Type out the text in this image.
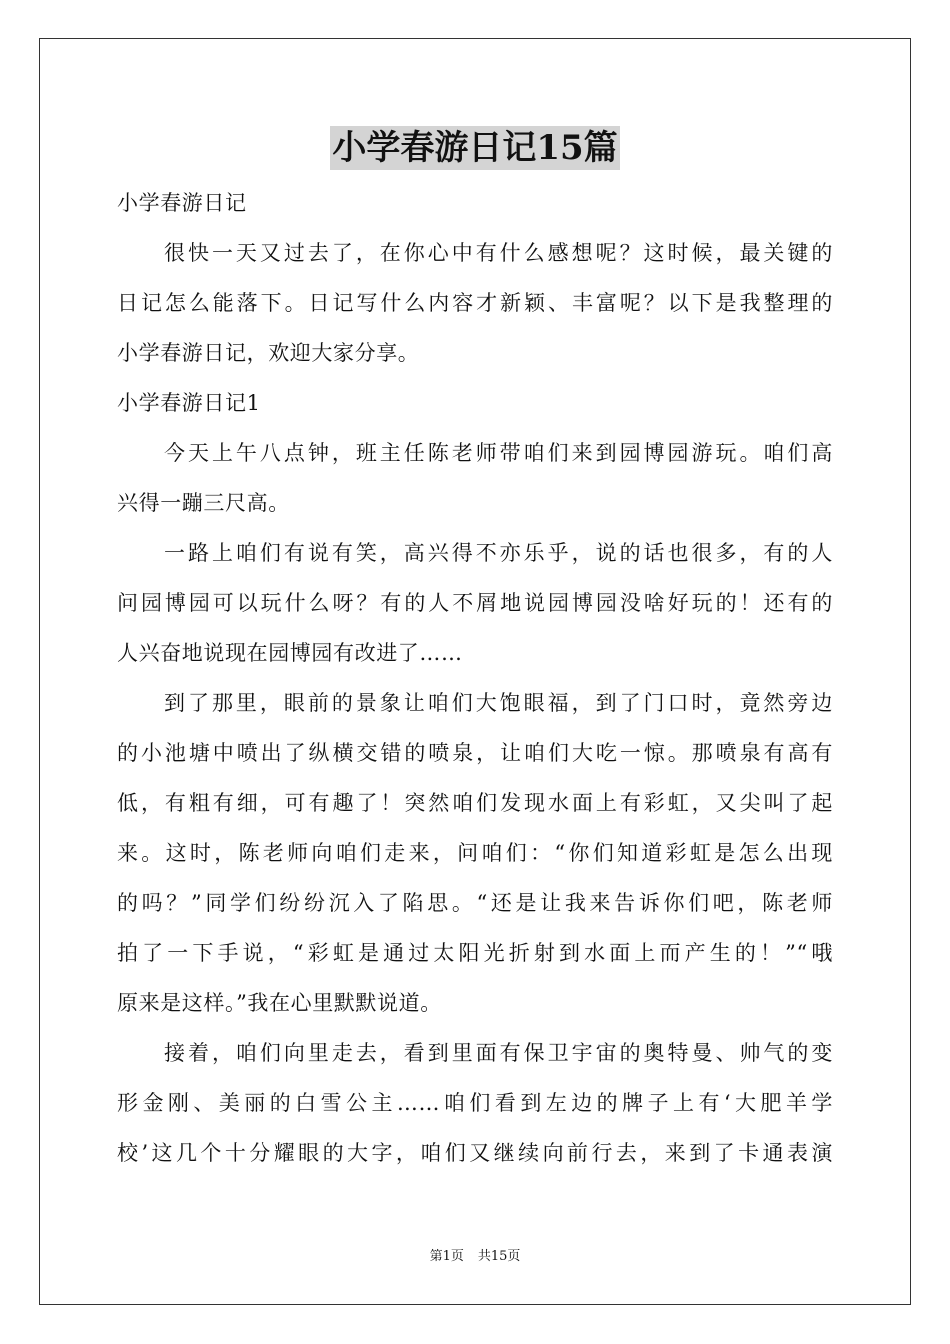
小学春游日记15篇
小学春游日记
很快一天又过去了，在你心中有什么感想呢？这时候，最关键的
日记怎么能落下。日记写什么内容才新颖、丰富呢？以下是我整理的
小学春游日记，欢迎大家分享。
小学春游日记1
今天上午八点钟，班主任陈老师带咱们来到园博园游玩。咱们高
兴得一蹦三尺高。
一路上咱们有说有笑，高兴得不亦乐乎，说的话也很多，有的人
问园博园可以玩什么呀？有的人不屑地说园博园没啥好玩的！还有的
人兴奋地说现在园博园有改进了……
到了那里，眼前的景象让咱们大饱眼福，到了门口时，竟然旁边
的小池塘中喷出了纵横交错的喷泉，让咱们大吃一惊。那喷泉有高有
低，有粗有细，可有趣了！突然咱们发现水面上有彩虹，又尖叫了起
来。这时，陈老师向咱们走来，问咱们：“你们知道彩虹是怎么出现
的吗？”同学们纷纷沉入了陷思。“还是让我来告诉你们吧，陈老师
拍了一下手说，“彩虹是通过太阳光折射到水面上而产生的！”“哦
原来是这样。”我在心里默默说道。
接着，咱们向里走去，看到里面有保卫宇宙的奥特曼、帅气的变
形金刚、美丽的白雪公主……咱们看到左边的牌子上有‘大肥羊学
校’这几个十分耀眼的大字，咱们又继续向前行去，来到了卡通表演
第1页 共15页
